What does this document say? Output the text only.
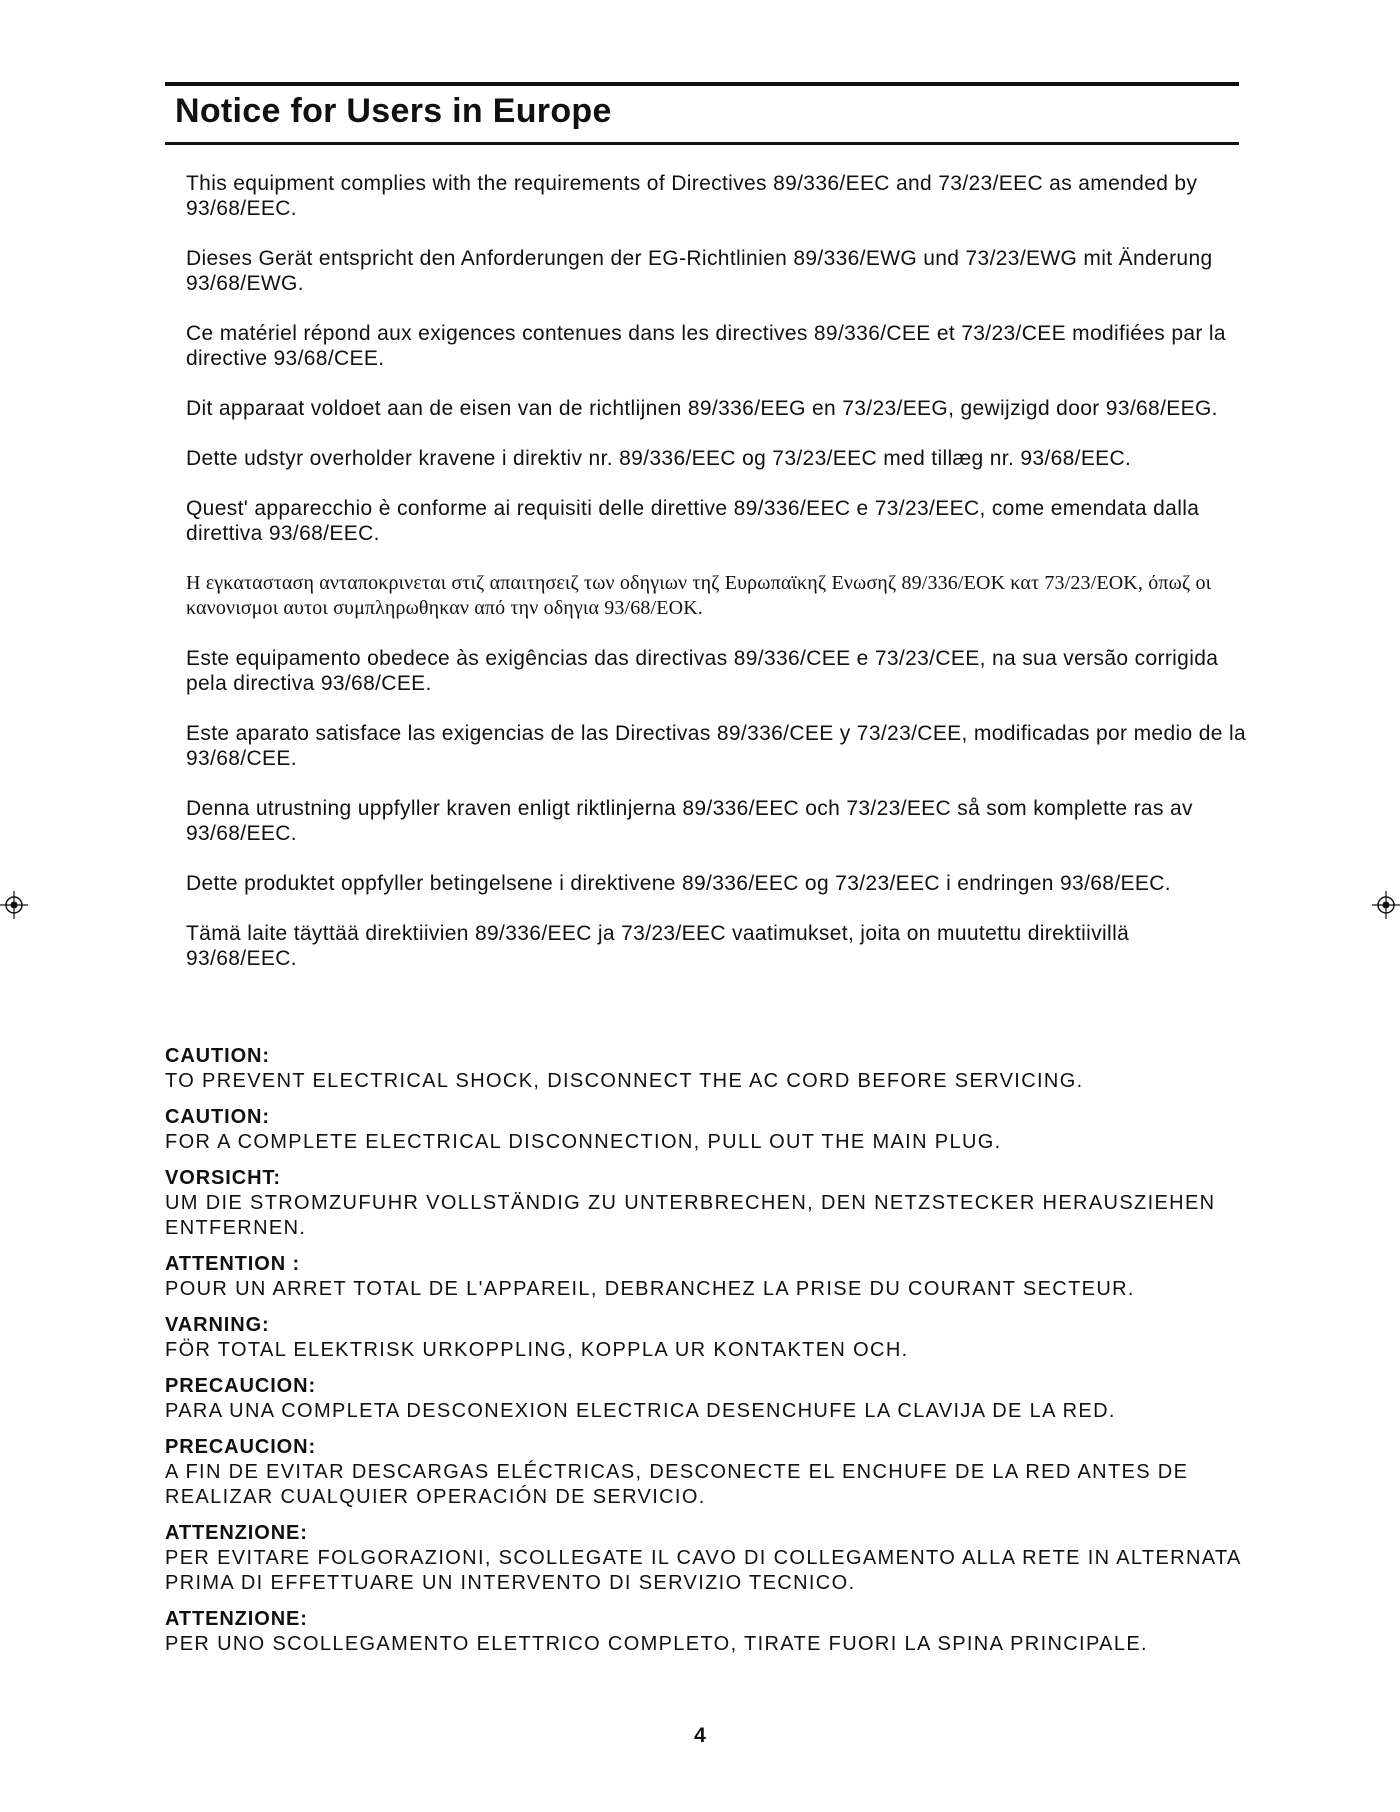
Notice for Users in Europe

This equipment complies with the requirements of Directives 89/336/EEC and 73/23/EEC as amended by 93/68/EEC.

Dieses Gerät entspricht den Anforderungen der EG-Richtlinien 89/336/EWG und 73/23/EWG mit Änderung 93/68/EWG.

Ce matériel répond aux exigences contenues dans les directives 89/336/CEE et 73/23/CEE modifiées par la directive 93/68/CEE.

Dit apparaat voldoet aan de eisen van de richtlijnen 89/336/EEG en 73/23/EEG, gewijzigd door 93/68/EEG.

Dette udstyr overholder kravene i direktiv nr. 89/336/EEC og 73/23/EEC med tillæg nr. 93/68/EEC.

Quest' apparecchio è conforme ai requisiti delle direttive 89/336/EEC e 73/23/EEC, come emendata dalla direttiva 93/68/EEC.

Η εγκατασταση ανταποκρινεται στιζ απαιτησειζ των οδηγιων τηζ Ευρωπαϊκηζ Ενωσηζ 89/336/ΕΟΚ κατ 73/23/ΕΟΚ, όπωζ οι κανονισμοι αυτοι συμπληρωθηκαν από την οδηγια 93/68/ΕΟΚ.

Este equipamento obedece às exigências das directivas 89/336/CEE e 73/23/CEE, na sua versão corrigida pela directiva 93/68/CEE.

Este aparato satisface las exigencias de las Directivas 89/336/CEE y 73/23/CEE, modificadas por medio de la 93/68/CEE.

Denna utrustning uppfyller kraven enligt riktlinjerna 89/336/EEC och 73/23/EEC så som komplette ras av 93/68/EEC.

Dette produktet oppfyller betingelsene i direktivene 89/336/EEC og 73/23/EEC i endringen 93/68/EEC.

Tämä laite täyttää direktiivien 89/336/EEC ja 73/23/EEC vaatimukset, joita on muutettu direktiivillä 93/68/EEC.

CAUTION:
TO PREVENT ELECTRICAL SHOCK, DISCONNECT THE AC CORD BEFORE SERVICING.
CAUTION:
FOR A COMPLETE ELECTRICAL DISCONNECTION, PULL OUT THE MAIN PLUG.
VORSICHT:
UM DIE STROMZUFUHR VOLLSTÄNDIG ZU UNTERBRECHEN, DEN NETZSTECKER HERAUSZIEHEN ENTFERNEN.
ATTENTION :
POUR UN ARRET TOTAL DE L'APPAREIL, DEBRANCHEZ LA PRISE DU COURANT SECTEUR.
VARNING:
FÖR TOTAL ELEKTRISK URKOPPLING, KOPPLA UR KONTAKTEN OCH.
PRECAUCION:
PARA UNA COMPLETA DESCONEXION ELECTRICA DESENCHUFE LA CLAVIJA DE LA RED.
PRECAUCION:
A FIN DE EVITAR DESCARGAS ELÉCTRICAS, DESCONECTE EL ENCHUFE DE LA RED ANTES DE REALIZAR CUALQUIER OPERACIÓN DE SERVICIO.
ATTENZIONE:
PER EVITARE FOLGORAZIONI, SCOLLEGATE IL CAVO DI COLLEGAMENTO ALLA RETE IN ALTERNATA PRIMA DI EFFETTUARE UN INTERVENTO DI SERVIZIO TECNICO.
ATTENZIONE:
PER UNO SCOLLEGAMENTO ELETTRICO COMPLETO, TIRATE FUORI LA SPINA PRINCIPALE.
4
